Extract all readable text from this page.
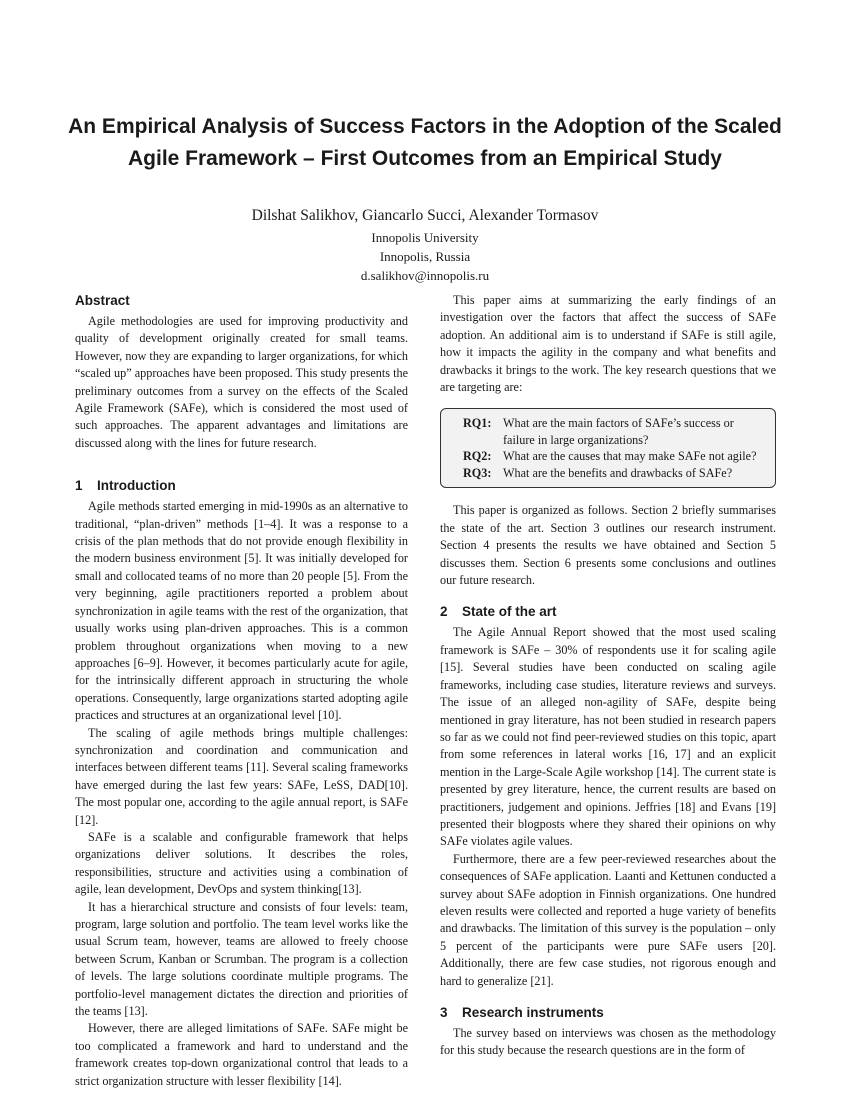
An Empirical Analysis of Success Factors in the Adoption of the Scaled Agile Framework – First Outcomes from an Empirical Study

Dilshat Salikhov, Giancarlo Succi, Alexander Tormasov

Innopolis University

Innopolis, Russia

d.salikhov@innopolis.ru

Abstract

Agile methodologies are used for improving productivity and quality of development originally created for small teams. However, now they are expanding to larger organizations, for which “scaled up” approaches have been proposed. This study presents the preliminary outcomes from a survey on the effects of the Scaled Agile Framework (SAFe), which is considered the most used of such approaches. The apparent advantages and limitations are discussed along with the lines for future research.

1 Introduction

Agile methods started emerging in mid-1990s as an alternative to traditional, “plan-driven” methods [1–4]. It was a response to a crisis of the plan methods that do not provide enough flexibility in the modern business environment [5]. It was initially developed for small and collocated teams of no more than 20 people [5]. From the very beginning, agile practitioners reported a problem about synchronization in agile teams with the rest of the organization, that usually works using plan-driven approaches. This is a common problem throughout organizations when moving to a new approaches [6–9]. However, it becomes particularly acute for agile, for the intrinsically different approach in structuring the whole operations. Consequently, large organizations started adopting agile practices and structures at an organizational level [10].

The scaling of agile methods brings multiple challenges: synchronization and coordination and communication and interfaces between different teams [11]. Several scaling frameworks have emerged during the last few years: SAFe, LeSS, DAD[10]. The most popular one, according to the agile annual report, is SAFe [12].

SAFe is a scalable and configurable framework that helps organizations deliver solutions. It describes the roles, responsibilities, structure and activities using a combination of agile, lean development, DevOps and system thinking[13].

It has a hierarchical structure and consists of four levels: team, program, large solution and portfolio. The team level works like the usual Scrum team, however, teams are allowed to freely choose between Scrum, Kanban or Scrumban. The program is a collection of levels. The large solutions coordinate multiple programs. The portfolio-level management dictates the direction and priorities of the teams [13].

However, there are alleged limitations of SAFe. SAFe might be too complicated a framework and hard to understand and the framework creates top-down organizational control that leads to a strict organization structure with lesser flexibility [14].

This paper aims at summarizing the early findings of an investigation over the factors that affect the success of SAFe adoption. An additional aim is to understand if SAFe is still agile, how it impacts the agility in the company and what benefits and drawbacks it brings to the work. The key research questions that we are targeting are:

RQ1: What are the main factors of SAFe’s success or failure in large organizations?
RQ2: What are the causes that may make SAFe not agile?
RQ3: What are the benefits and drawbacks of SAFe?

This paper is organized as follows. Section 2 briefly summarises the state of the art. Section 3 outlines our research instrument. Section 4 presents the results we have obtained and Section 5 discusses them. Section 6 presents some conclusions and outlines our future research.

2 State of the art

The Agile Annual Report showed that the most used scaling framework is SAFe – 30% of respondents use it for scaling agile [15]. Several studies have been conducted on scaling agile frameworks, including case studies, literature reviews and surveys. The issue of an alleged non-agility of SAFe, despite being mentioned in gray literature, has not been studied in research papers so far as we could not find peer-reviewed studies on this topic, apart from some references in lateral works [16, 17] and an explicit mention in the Large-Scale Agile workshop [14]. The current state is presented by grey literature, hence, the current results are based on practitioners, judgement and opinions. Jeffries [18] and Evans [19] presented their blogposts where they shared their opinions on why SAFe violates agile values.

Furthermore, there are a few peer-reviewed researches about the consequences of SAFe application. Laanti and Kettunen conducted a survey about SAFe adoption in Finnish organizations. One hundred eleven results were collected and reported a huge variety of benefits and drawbacks. The limitation of this survey is the population – only 5 percent of the participants were pure SAFe users [20]. Additionally, there are few case studies, not rigorous enough and hard to generalize [21].

3 Research instruments

The survey based on interviews was chosen as the methodology for this study because the research questions are in the form of
